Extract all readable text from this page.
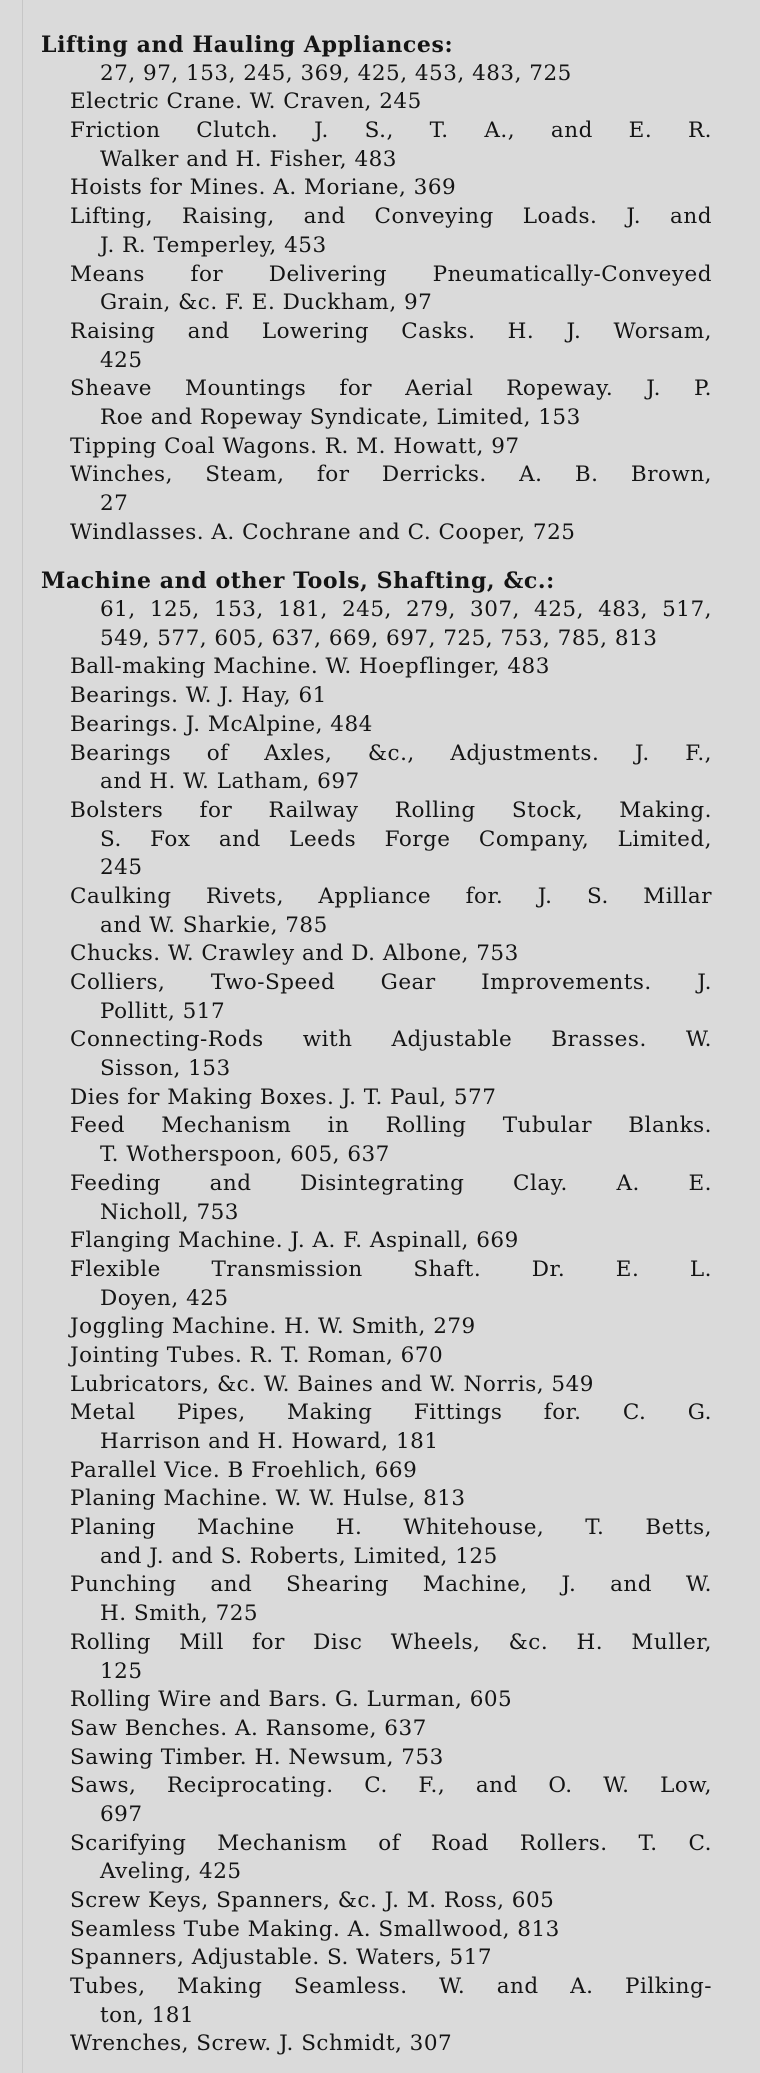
Lifting and Hauling Appliances:
27, 97, 153, 245, 369, 425, 453, 483, 725
Electric Crane. W. Craven, 245
Friction Clutch. J. S., T. A., and E. R.
Walker and H. Fisher, 483
Hoists for Mines. A. Moriane, 369
Lifting, Raising, and Conveying Loads. J. and
J. R. Temperley, 453
Means for Delivering Pneumatically-Conveyed
Grain, &c. F. E. Duckham, 97
Raising and Lowering Casks. H. J. Worsam,
425
Sheave Mountings for Aerial Ropeway. J. P.
Roe and Ropeway Syndicate, Limited, 153
Tipping Coal Wagons. R. M. Howatt, 97
Winches, Steam, for Derricks. A. B. Brown,
27
Windlasses. A. Cochrane and C. Cooper, 725
Machine and other Tools, Shafting, &c.:
61, 125, 153, 181, 245, 279, 307, 425, 483, 517,
549, 577, 605, 637, 669, 697, 725, 753, 785, 813
Ball-making Machine. W. Hoepflinger, 483
Bearings. W. J. Hay, 61
Bearings. J. McAlpine, 484
Bearings of Axles, &c., Adjustments. J. F.,
and H. W. Latham, 697
Bolsters for Railway Rolling Stock, Making.
S. Fox and Leeds Forge Company, Limited,
245
Caulking Rivets, Appliance for. J. S. Millar
and W. Sharkie, 785
Chucks. W. Crawley and D. Albone, 753
Colliers, Two-Speed Gear Improvements. J.
Pollitt, 517
Connecting-Rods with Adjustable Brasses. W.
Sisson, 153
Dies for Making Boxes. J. T. Paul, 577
Feed Mechanism in Rolling Tubular Blanks.
T. Wotherspoon, 605, 637
Feeding and Disintegrating Clay. A. E.
Nicholl, 753
Flanging Machine. J. A. F. Aspinall, 669
Flexible Transmission Shaft. Dr. E. L.
Doyen, 425
Joggling Machine. H. W. Smith, 279
Jointing Tubes. R. T. Roman, 670
Lubricators, &c. W. Baines and W. Norris, 549
Metal Pipes, Making Fittings for. C. G.
Harrison and H. Howard, 181
Parallel Vice. B Froehlich, 669
Planing Machine. W. W. Hulse, 813
Planing Machine H. Whitehouse, T. Betts,
and J. and S. Roberts, Limited, 125
Punching and Shearing Machine, J. and W.
H. Smith, 725
Rolling Mill for Disc Wheels, &c. H. Muller,
125
Rolling Wire and Bars. G. Lurman, 605
Saw Benches. A. Ransome, 637
Sawing Timber. H. Newsum, 753
Saws, Reciprocating. C. F., and O. W. Low,
697
Scarifying Mechanism of Road Rollers. T. C.
Aveling, 425
Screw Keys, Spanners, &c. J. M. Ross, 605
Seamless Tube Making. A. Smallwood, 813
Spanners, Adjustable. S. Waters, 517
Tubes, Making Seamless. W. and A. Pilking-
ton, 181
Wrenches, Screw. J. Schmidt, 307
